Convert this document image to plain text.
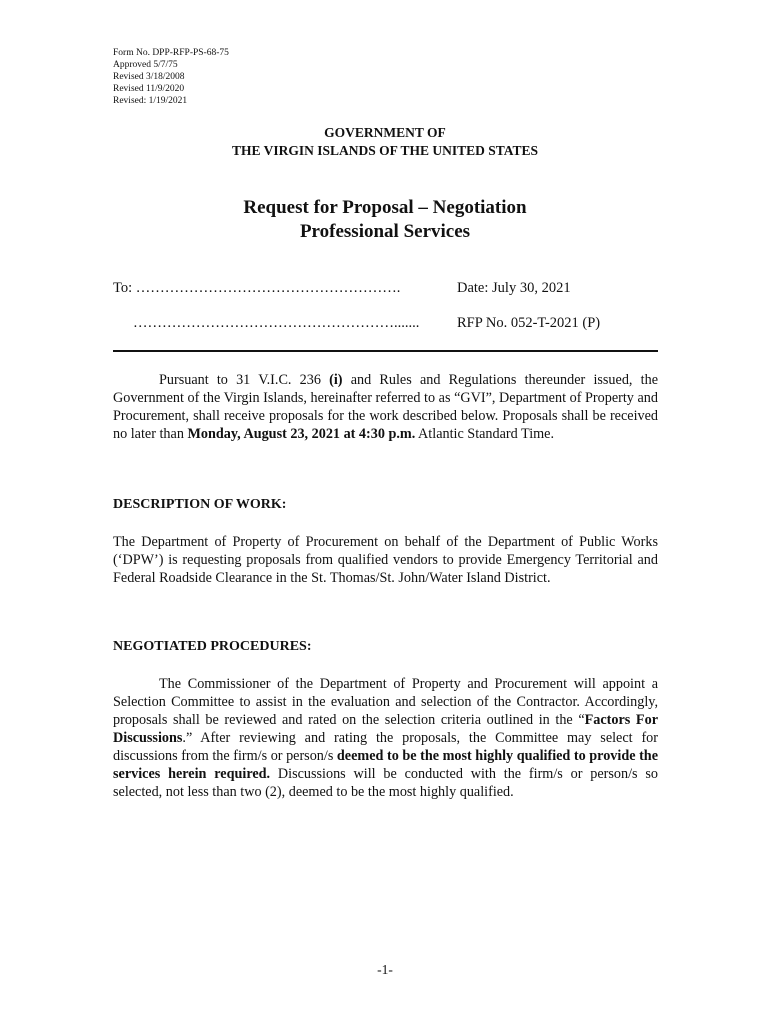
Form No. DPP-RFP-PS-68-75
Approved 5/7/75
Revised 3/18/2008
Revised 11/9/2020
Revised: 1/19/2021
GOVERNMENT OF
THE VIRGIN ISLANDS OF THE UNITED STATES
Request for Proposal – Negotiation
Professional Services
To: ……………………………………………….
……………………………………………….......
Date: July 30, 2021
RFP No. 052-T-2021 (P)
Pursuant to 31 V.I.C. 236 (i) and Rules and Regulations thereunder issued, the Government of the Virgin Islands, hereinafter referred to as “GVI”, Department of Property and Procurement, shall receive proposals for the work described below. Proposals shall be received no later than Monday, August 23, 2021 at 4:30 p.m. Atlantic Standard Time.
DESCRIPTION OF WORK:
The Department of Property of Procurement on behalf of the Department of Public Works (‘DPW’) is requesting proposals from qualified vendors to provide Emergency Territorial and Federal Roadside Clearance in the St. Thomas/St. John/Water Island District.
NEGOTIATED PROCEDURES:
The Commissioner of the Department of Property and Procurement will appoint a Selection Committee to assist in the evaluation and selection of the Contractor. Accordingly, proposals shall be reviewed and rated on the selection criteria outlined in the “Factors For Discussions.” After reviewing and rating the proposals, the Committee may select for discussions from the firm/s or person/s deemed to be the most highly qualified to provide the services herein required. Discussions will be conducted with the firm/s or person/s so selected, not less than two (2), deemed to be the most highly qualified.
-1-
